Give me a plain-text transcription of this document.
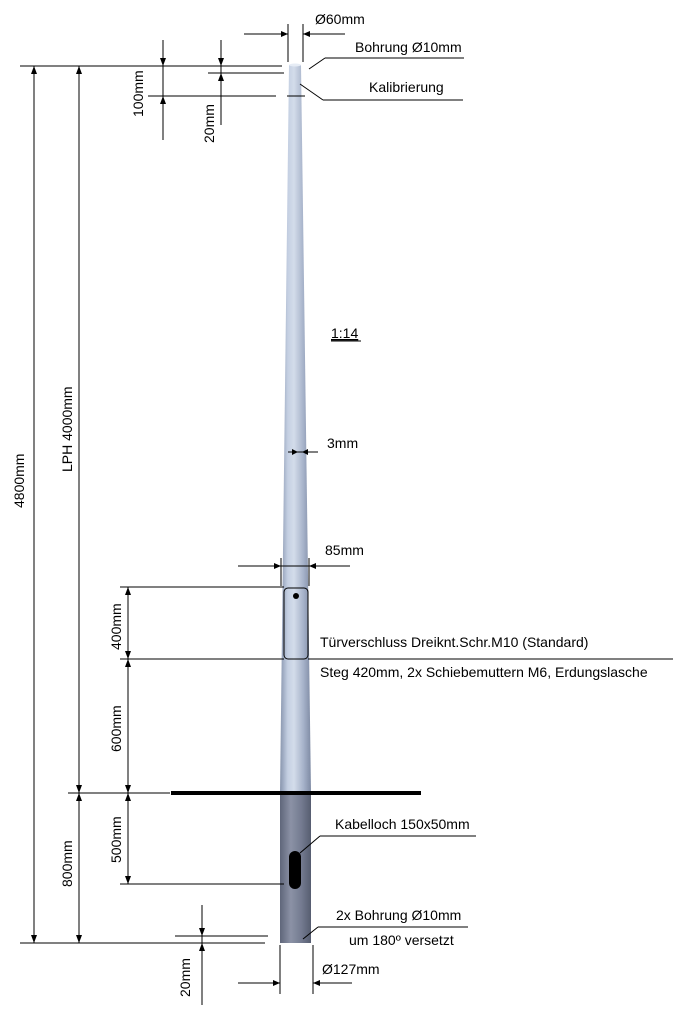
Ø60mm
Bohrung Ø10mm
Kalibrierung
100mm
20mm
1:14
3mm
85mm
Türverschluss Dreiknt.Schr.M10 (Standard)
Steg 420mm, 2x Schiebemuttern M6, Erdungslasche
400mm
600mm
4800mm
LPH 4000mm
Kabelloch 150x50mm
500mm
800mm
2x Bohrung Ø10mm
um 180º versetzt
20mm	Ø127mm
